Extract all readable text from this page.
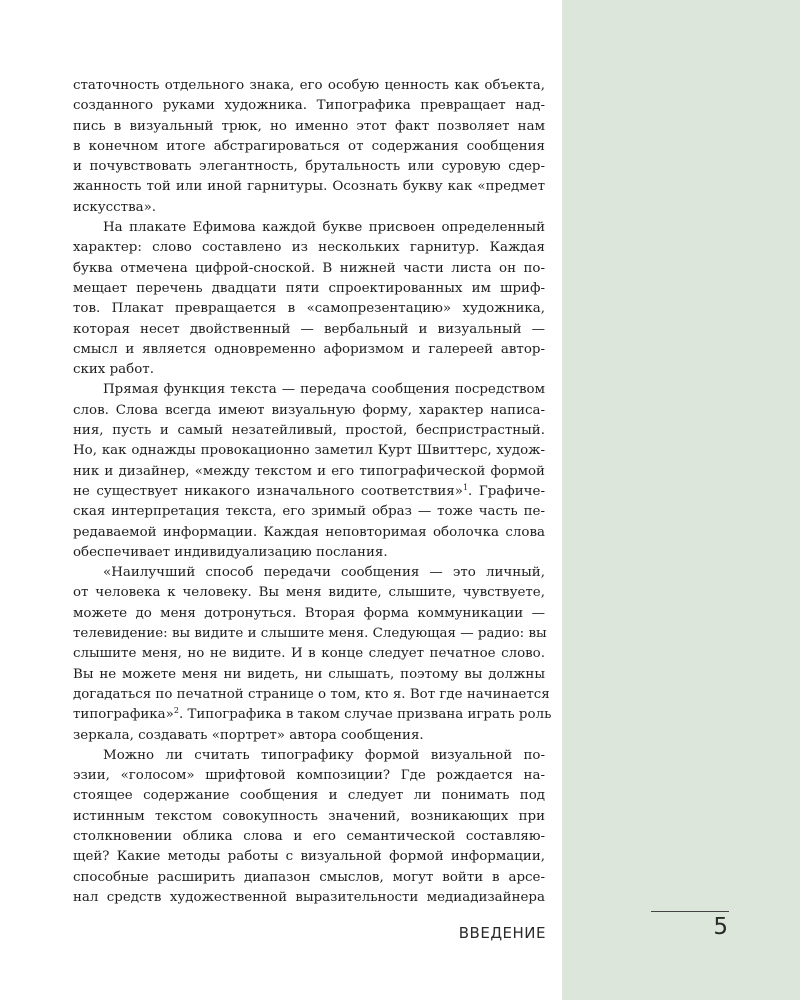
статочность отдельного знака, его особую ценность как объекта,
созданного руками художника. Типографика превращает над-
пись в визуальный трюк, но именно этот факт позволяет нам
в конечном итоге абстрагироваться от содержания сообщения
и почувствовать элегантность, брутальность или суровую сдер-
жанность той или иной гарнитуры. Осознать букву как «предмет
искусства».
На плакате Ефимова каждой букве присвоен определенный
характер: слово составлено из нескольких гарнитур. Каждая
буква отмечена цифрой-сноской. В нижней части листа он по-
мещает перечень двадцати пяти спроектированных им шриф-
тов. Плакат превращается в «самопрезентацию» художника,
которая несет двойственный — вербальный и визуальный —
смысл и является одновременно афоризмом и галереей автор-
ских работ.
Прямая функция текста — передача сообщения посредством
слов. Слова всегда имеют визуальную форму, характер написа-
ния, пусть и самый незатейливый, простой, беспристрастный.
Но, как однажды провокационно заметил Курт Швиттерс, худож-
ник и дизайнер, «между текстом и его типографической формой
не существует никакого изначального соответствия»$^1$. Графиче-
ская интерпретация текста, его зримый образ — тоже часть пе-
редаваемой информации. Каждая неповторимая оболочка слова
обеспечивает индивидуализацию послания.
«Наилучший способ передачи сообщения — это личный,
от человека к человеку. Вы меня видите, слышите, чувствуете,
можете до меня дотронуться. Вторая форма коммуникации —
телевидение: вы видите и слышите меня. Следующая — радио: вы
слышите меня, но не видите. И в конце следует печатное слово.
Вы не можете меня ни видеть, ни слышать, поэтому вы должны
догадаться по печатной странице о том, кто я. Вот где начинается
типографика»$^2$. Типографика в таком случае призвана играть роль
зеркала, создавать «портрет» автора сообщения.
Можно ли считать типографику формой визуальной по-
эзии, «голосом» шрифтовой композиции? Где рождается на-
стоящее содержание сообщения и следует ли понимать под
истинным текстом совокупность значений, возникающих при
столкновении облика слова и его семантической составляю-
щей? Какие методы работы с визуальной формой информации,
способные расширить диапазон смыслов, могут войти в арсе-
нал средств художественной выразительности медиадизайнера
ВВЕДЕНИЕ	5
